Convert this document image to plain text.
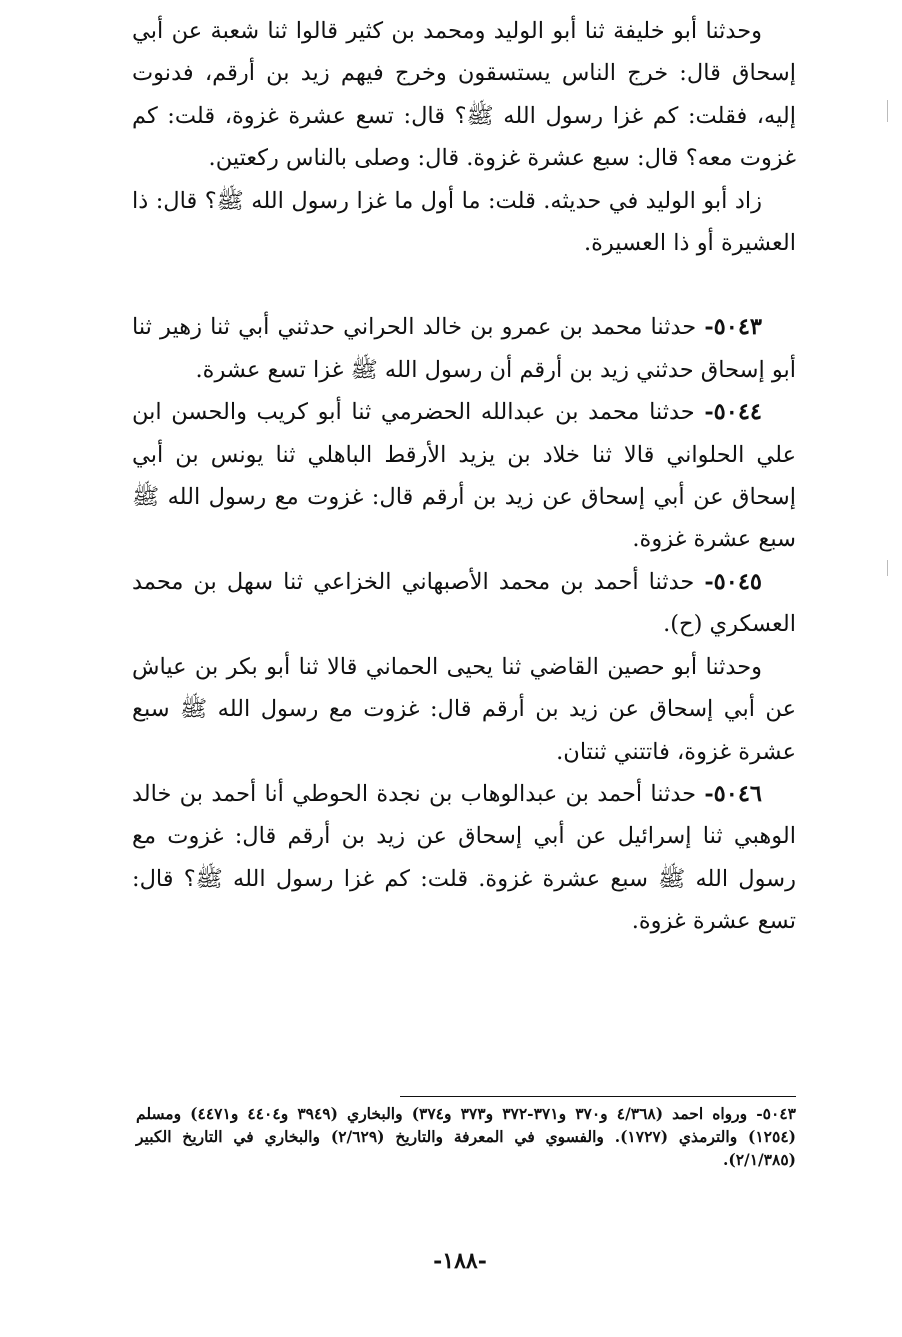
وحدثنا أبو خليفة ثنا أبو الوليد ومحمد بن كثير قالوا ثنا شعبة عن أبي إسحاق قال: خرج الناس يستسقون وخرج فيهم زيد بن أرقم، فدنوت إليه، فقلت: كم غزا رسول الله ﷺ؟ قال: تسع عشرة غزوة، قلت: كم غزوت معه؟ قال: سبع عشرة غزوة. قال: وصلى بالناس ركعتين.

زاد أبو الوليد في حديثه. قلت: ما أول ما غزا رسول الله ﷺ؟ قال: ذا العشيرة أو ذا العسيرة.

٥٠٤٣- حدثنا محمد بن عمرو بن خالد الحراني حدثني أبي ثنا زهير ثنا أبو إسحاق حدثني زيد بن أرقم أن رسول الله ﷺ غزا تسع عشرة.

٥٠٤٤- حدثنا محمد بن عبدالله الحضرمي ثنا أبو كريب والحسن ابن علي الحلواني قالا ثنا خلاد بن يزيد الأرقط الباهلي ثنا يونس بن أبي إسحاق عن أبي إسحاق عن زيد بن أرقم قال: غزوت مع رسول الله ﷺ سبع عشرة غزوة.

٥٠٤٥- حدثنا أحمد بن محمد الأصبهاني الخزاعي ثنا سهل بن محمد العسكري (ح).

وحدثنا أبو حصين القاضي ثنا يحيى الحماني قالا ثنا أبو بكر بن عياش عن أبي إسحاق عن زيد بن أرقم قال: غزوت مع رسول الله ﷺ سبع عشرة غزوة، فاتتني ثنتان.

٥٠٤٦- حدثنا أحمد بن عبدالوهاب بن نجدة الحوطي أنا أحمد بن خالد الوهبي ثنا إسرائيل عن أبي إسحاق عن زيد بن أرقم قال: غزوت مع رسول الله ﷺ سبع عشرة غزوة. قلت: كم غزا رسول الله ﷺ؟ قال: تسع عشرة غزوة.

٥٠٤٣- ورواه احمد (٤/٣٦٨ و٣٧٠ و٣٧١-٣٧٢ و٣٧٣ و٣٧٤) والبخاري (٣٩٤٩ و٤٤٠٤ و٤٤٧١) ومسلم (١٢٥٤) والترمذي (١٧٢٧). والفسوي في المعرفة والتاريخ (٢/٦٢٩) والبخاري في التاريخ الكبير (٢/١/٣٨٥).

-١٨٨-
